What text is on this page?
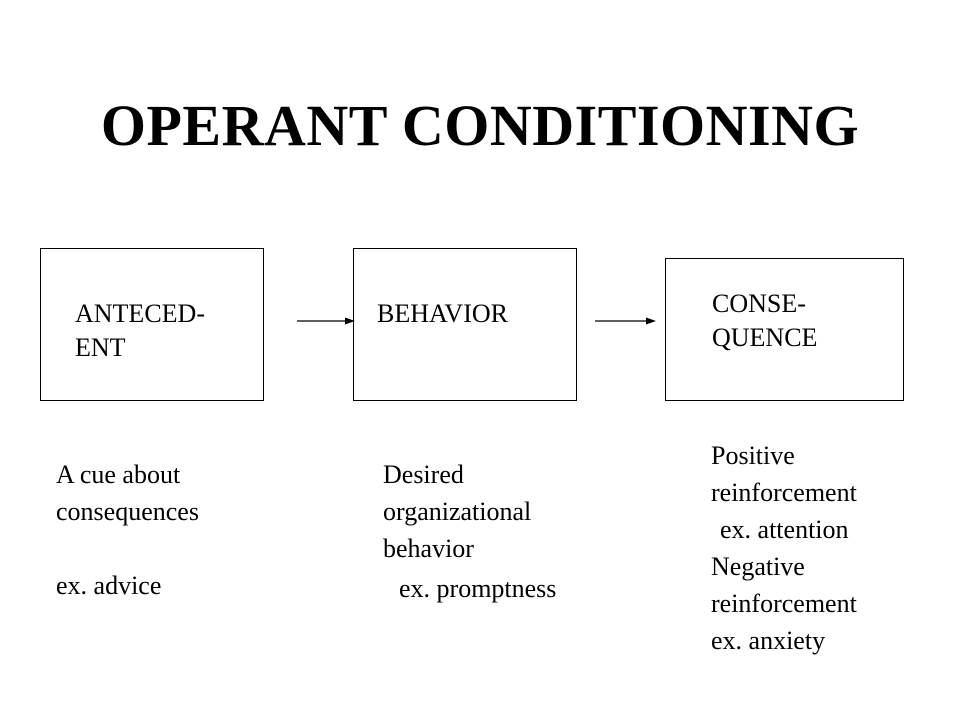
OPERANT CONDITIONING
ANTECED-
ENT
BEHAVIOR	CONSE-
QUENCE
A cue about
consequences
ex. advice
Desired
organizational
behavior
ex. promptness
Positive
reinforcement
ex. attention
Negative
reinforcement
ex. anxiety
